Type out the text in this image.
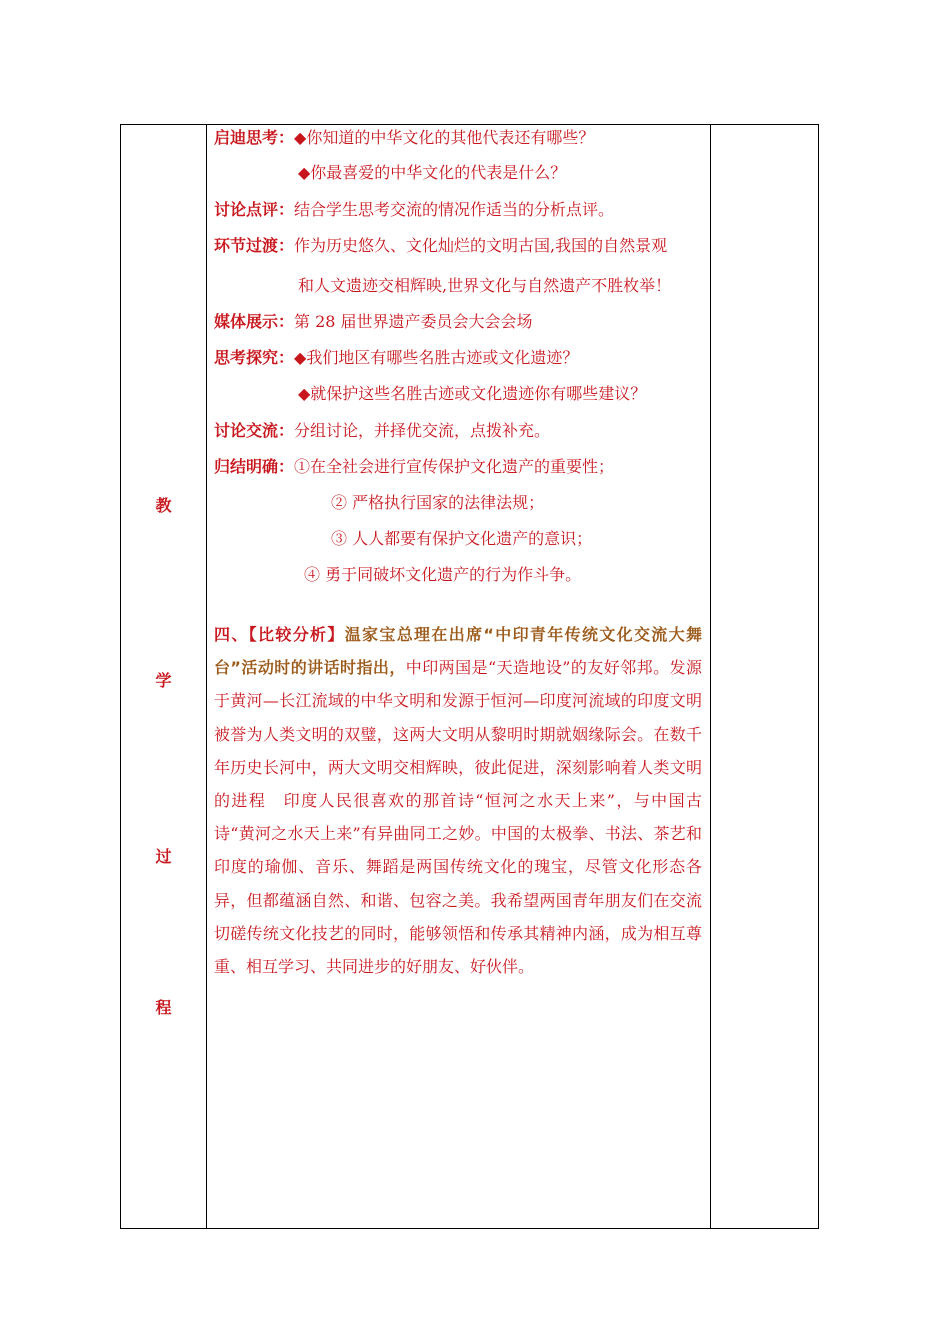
教
学
过
程
启迪思考：◆你知道的中华文化的其他代表还有哪些？
◆你最喜爱的中华文化的代表是什么？
讨论点评：结合学生思考交流的情况作适当的分析点评。
环节过渡：作为历史悠久、文化灿烂的文明古国,我国的自然景观
和人文遗迹交相辉映,世界文化与自然遗产不胜枚举！
媒体展示：第 28 届世界遗产委员会大会会场
思考探究：◆我们地区有哪些名胜古迹或文化遗迹？
◆就保护这些名胜古迹或文化遗迹你有哪些建议？
讨论交流：分组讨论，并择优交流，点拨补充。
归结明确：①在全社会进行宣传保护文化遗产的重要性；
② 严格执行国家的法律法规；
③ 人人都要有保护文化遗产的意识；
④ 勇于同破坏文化遗产的行为作斗争。
四、【比较分析】温家宝总理在出席“中印青年传统文化交流大舞台”活动时的讲话时指出，中印两国是“天造地设”的友好邻邦。发源于黄河—长江流域的中华文明和发源于恒河—印度河流域的印度文明被誉为人类文明的双璧，这两大文明从黎明时期就姻缘际会。在数千年历史长河中，两大文明交相辉映，彼此促进，深刻影响着人类文明的进程　印度人民很喜欢的那首诗“恒河之水天上来”，与中国古诗“黄河之水天上来”有异曲同工之妙。中国的太极拳、书法、茶艺和印度的瑜伽、音乐、舞蹈是两国传统文化的瑰宝，尽管文化形态各异，但都蕴涵自然、和谐、包容之美。我希望两国青年朋友们在交流切磋传统文化技艺的同时，能够领悟和传承其精神内涵，成为相互尊重、相互学习、共同进步的好朋友、好伙伴。
